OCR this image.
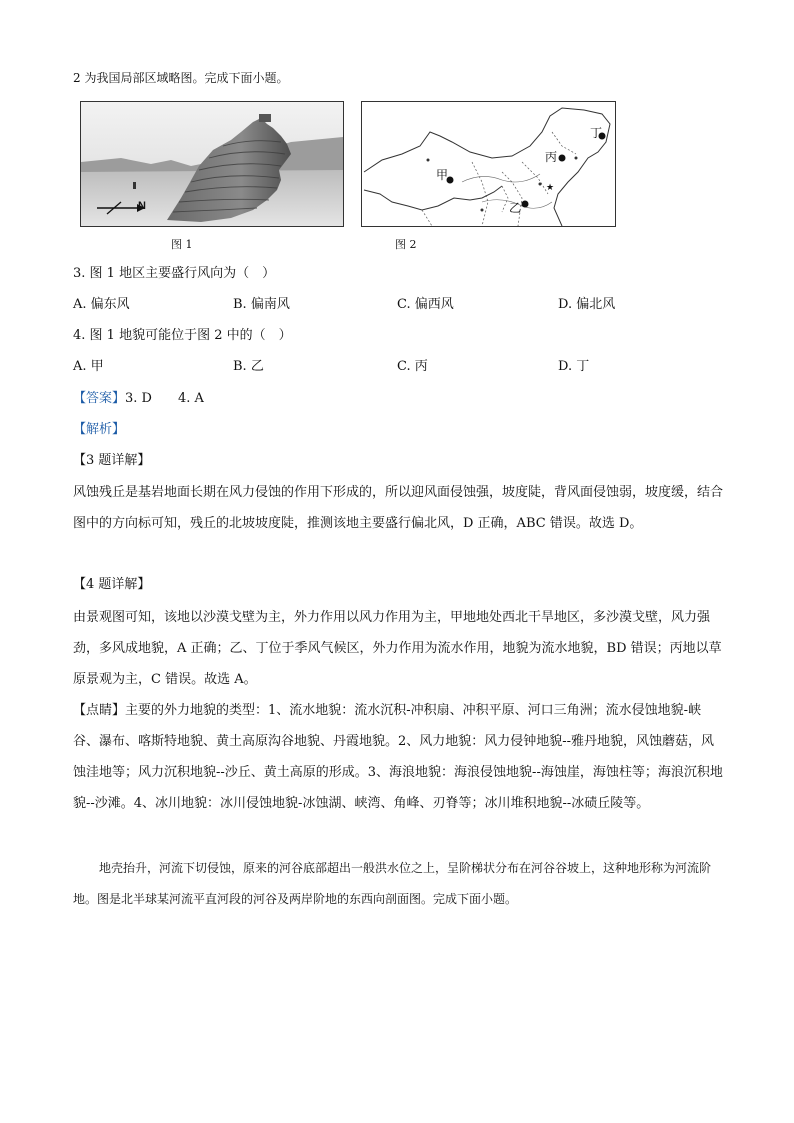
2 为我国局部区域略图。完成下面小题。
N
图 1
★
甲
乙
丙
丁
图 2
3. 图 1 地区主要盛行风向为（　）
A. 偏东风	B. 偏南风	C. 偏西风	D. 偏北风
4. 图 1 地貌可能位于图 2 中的（　）
A. 甲	B. 乙	C. 丙	D. 丁
【答案】3. D　　4. A
【解析】
【3 题详解】
风蚀残丘是基岩地面长期在风力侵蚀的作用下形成的，所以迎风面侵蚀强，坡度陡，背风面侵蚀弱，坡度缓，结合图中的方向标可知，残丘的北坡坡度陡，推测该地主要盛行偏北风，D 正确，ABC 错误。故选 D。
【4 题详解】
由景观图可知，该地以沙漠戈壁为主，外力作用以风力作用为主，甲地地处西北干旱地区，多沙漠戈壁，风力强劲，多风成地貌，A 正确；乙、丁位于季风气候区，外力作用为流水作用，地貌为流水地貌，BD 错误；丙地以草原景观为主，C 错误。故选 A。
【点睛】主要的外力地貌的类型：1、流水地貌：流水沉积-冲积扇、冲积平原、河口三角洲；流水侵蚀地貌-峡谷、瀑布、喀斯特地貌、黄土高原沟谷地貌、丹霞地貌。2、风力地貌：风力侵钟地貌--雅丹地貌，风蚀蘑菇，风蚀洼地等；风力沉积地貌--沙丘、黄土高原的形成。3、海浪地貌：海浪侵蚀地貌--海蚀崖，海蚀柱等；海浪沉积地貌--沙滩。4、冰川地貌：冰川侵蚀地貌-冰蚀湖、峡湾、角峰、刃脊等；冰川堆积地貌--冰碛丘陵等。
地壳抬升，河流下切侵蚀，原来的河谷底部超出一般洪水位之上，呈阶梯状分布在河谷谷坡上，这种地形称为河流阶地。图是北半球某河流平直河段的河谷及两岸阶地的东西向剖面图。完成下面小题。
